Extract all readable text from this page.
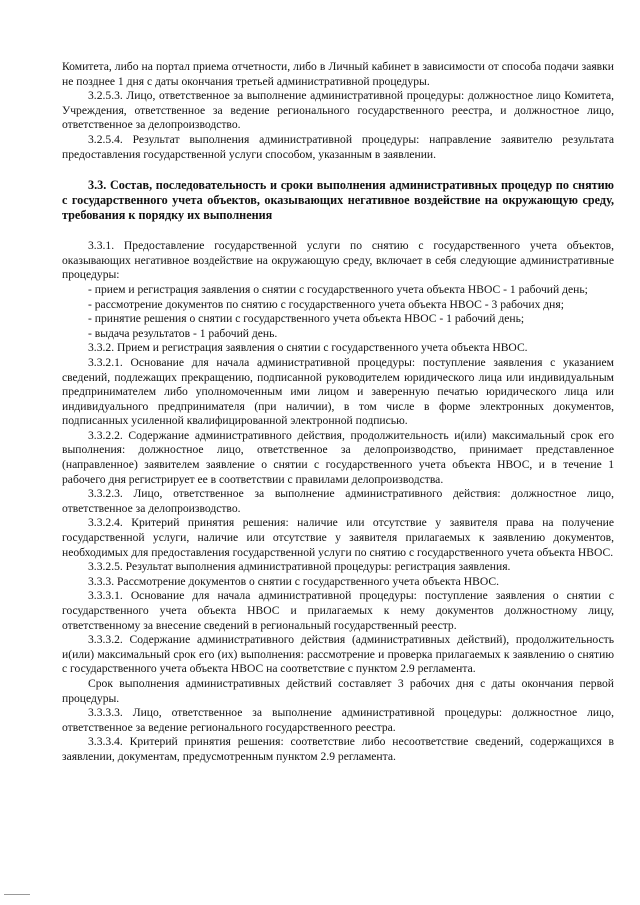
Комитета, либо на портал приема отчетности, либо в Личный кабинет в зависимости от способа подачи заявки не позднее 1 дня с даты окончания третьей административной процедуры.

3.2.5.3. Лицо, ответственное за выполнение административной процедуры: должностное лицо Комитета, Учреждения, ответственное за ведение регионального государственного реестра, и должностное лицо, ответственное за делопроизводство.

3.2.5.4. Результат выполнения административной процедуры: направление заявителю результата предоставления государственной услуги способом, указанным в заявлении.

3.3. Состав, последовательность и сроки выполнения административных процедур по снятию с государственного учета объектов, оказывающих негативное воздействие на окружающую среду, требования к порядку их выполнения

3.3.1. Предоставление государственной услуги по снятию с государственного учета объектов, оказывающих негативное воздействие на окружающую среду, включает в себя следующие административные процедуры:

- прием и регистрация заявления о снятии с государственного учета объекта НВОС - 1 рабочий день;

- рассмотрение документов по снятию с государственного учета объекта НВОС - 3 рабочих дня;

- принятие решения о снятии с государственного учета объекта НВОС - 1 рабочий день;

- выдача результатов - 1 рабочий день.

3.3.2. Прием и регистрация заявления о снятии с государственного учета объекта НВОС.

3.3.2.1. Основание для начала административной процедуры: поступление заявления с указанием сведений, подлежащих прекращению, подписанной руководителем юридического лица или индивидуальным предпринимателем либо уполномоченным ими лицом и заверенную печатью юридического лица или индивидуального предпринимателя (при наличии), в том числе в форме электронных документов, подписанных усиленной квалифицированной электронной подписью.

3.3.2.2. Содержание административного действия, продолжительность и(или) максимальный срок его выполнения: должностное лицо, ответственное за делопроизводство, принимает представленное (направленное) заявителем заявление о снятии с государственного учета объекта НВОС, и в течение 1 рабочего дня регистрирует ее в соответствии с правилами делопроизводства.

3.3.2.3. Лицо, ответственное за выполнение административного действия: должностное лицо, ответственное за делопроизводство.

3.3.2.4. Критерий принятия решения: наличие или отсутствие у заявителя права на получение государственной услуги, наличие или отсутствие у заявителя прилагаемых к заявлению документов, необходимых для предоставления государственной услуги по снятию с государственного учета объекта НВОС.

3.3.2.5. Результат выполнения административной процедуры: регистрация заявления.

3.3.3. Рассмотрение документов о снятии с государственного учета объекта НВОС.

3.3.3.1. Основание для начала административной процедуры: поступление заявления о снятии с государственного учета объекта НВОС и прилагаемых к нему документов должностному лицу, ответственному за внесение сведений в региональный государственный реестр.

3.3.3.2. Содержание административного действия (административных действий), продолжительность и(или) максимальный срок его (их) выполнения: рассмотрение и проверка прилагаемых к заявлению о снятию с государственного учета объекта НВОС на соответствие с пунктом 2.9 регламента.

Срок выполнения административных действий составляет 3 рабочих дня с даты окончания первой процедуры.

3.3.3.3. Лицо, ответственное за выполнение административной процедуры: должностное лицо, ответственное за ведение регионального государственного реестра.

3.3.3.4. Критерий принятия решения: соответствие либо несоответствие сведений, содержащихся в заявлении, документам, предусмотренным пунктом 2.9 регламента.
